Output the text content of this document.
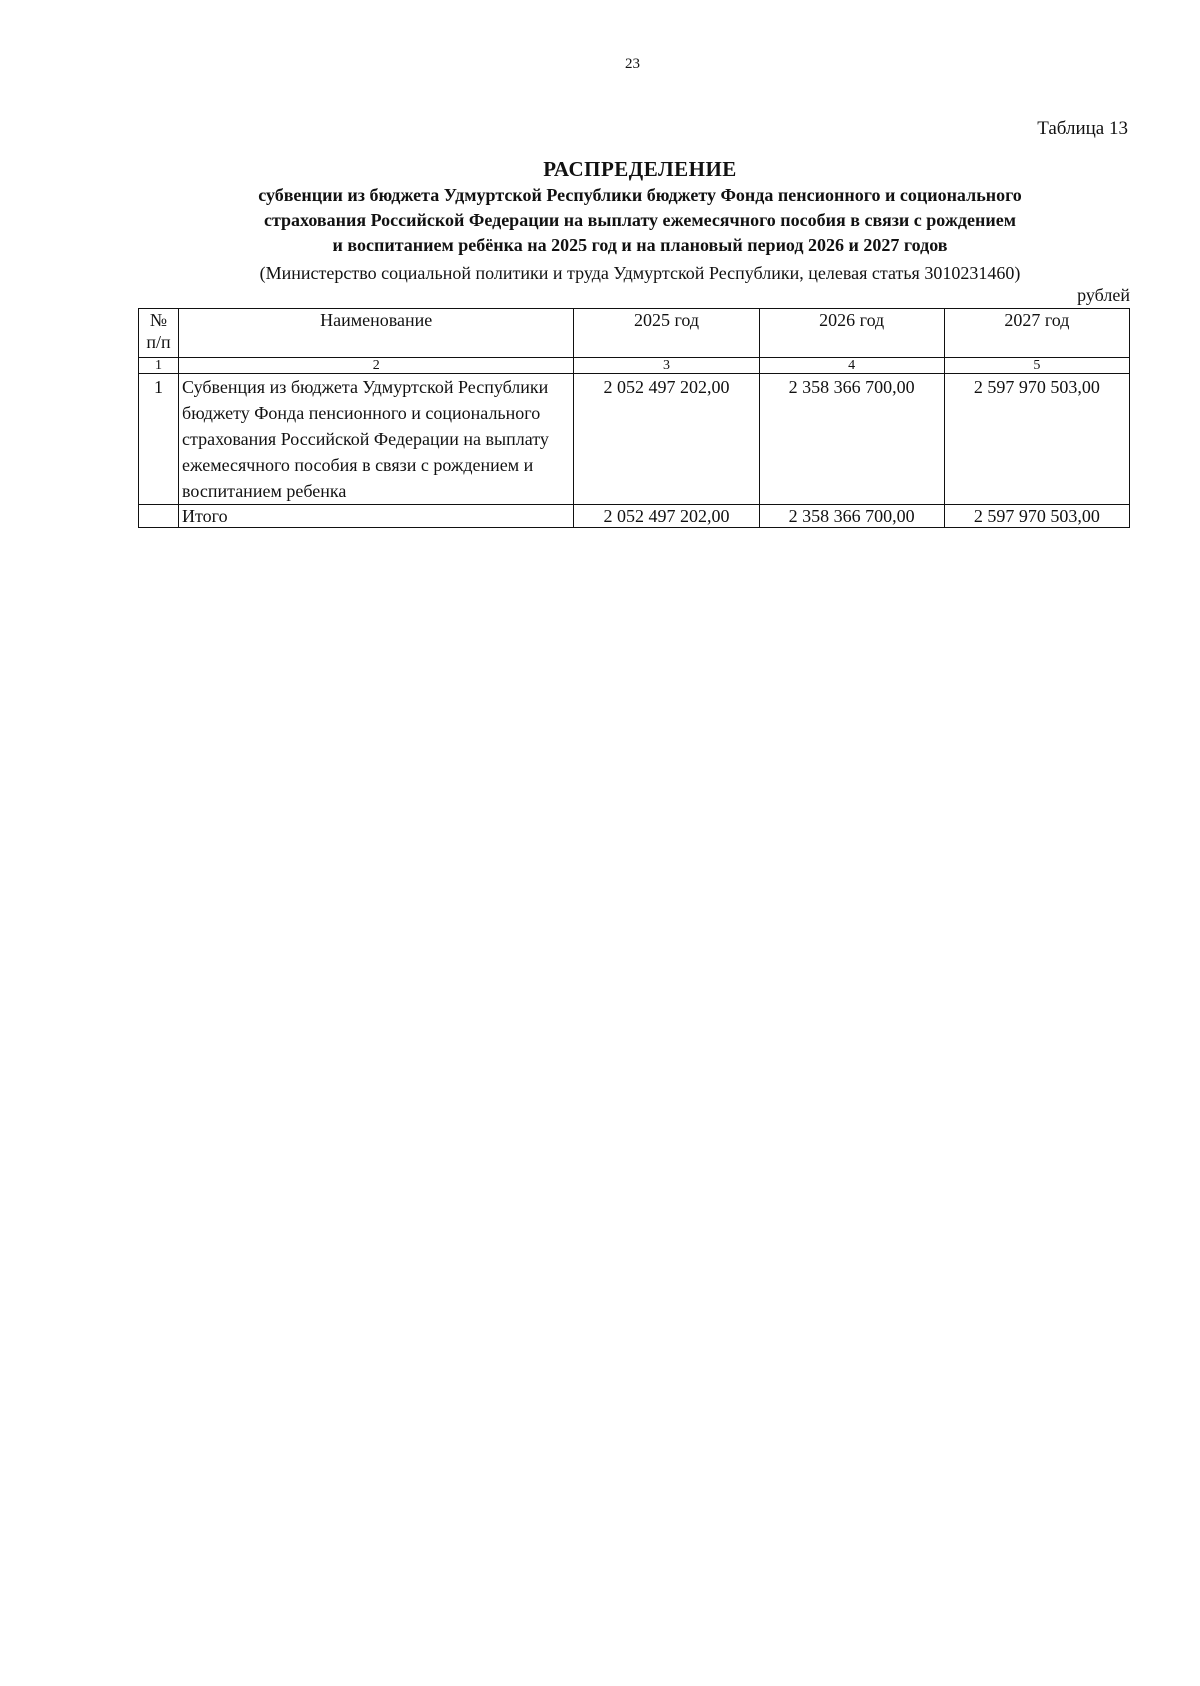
23
Таблица 13
РАСПРЕДЕЛЕНИЕ
субвенции из бюджета Удмуртской Республики бюджету Фонда пенсионного и соционального
страхования Российской Федерации на выплату ежемесячного пособия в связи с рождением
и воспитанием ребёнка на 2025 год и на плановый период 2026 и 2027 годов
(Министерство социальной политики и труда Удмуртской Республики, целевая статья 3010231460)
рублей
№
п/п	Наименование	2025 год	2026 год	2027 год
1	2	3	4	5
1	Субвенция из бюджета Удмуртской Республики бюджету Фонда пенсионного и соционального страхования Российской Федерации на выплату ежемесячного пособия в связи с рождением и воспитанием ребенка	2 052 497 202,00	2 358 366 700,00	2 597 970 503,00
	Итого	2 052 497 202,00	2 358 366 700,00	2 597 970 503,00
